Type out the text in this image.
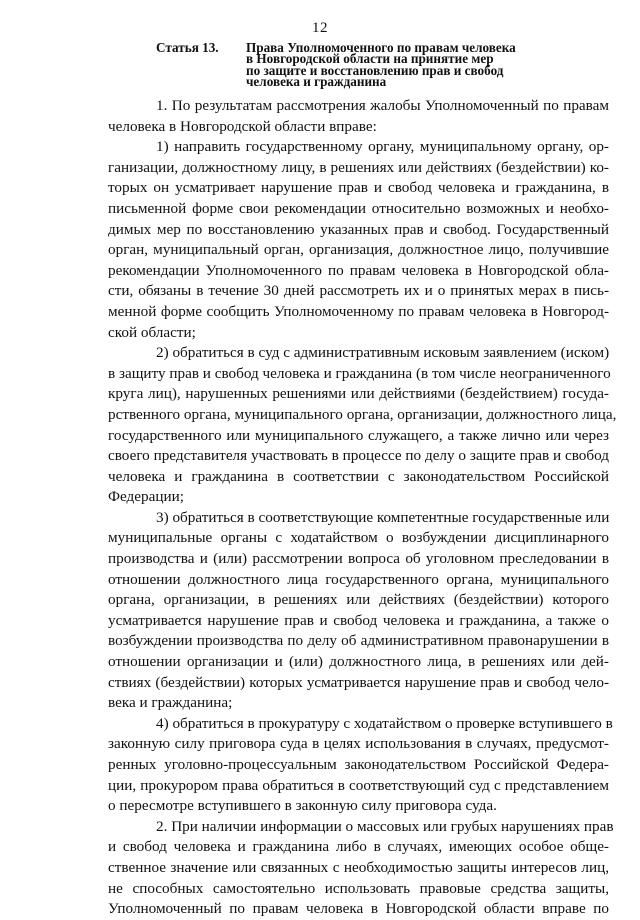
12
Статья 13.	Права Уполномоченного по правам человека
в Новгородской области на принятие мер
по защите и восстановлению прав и свобод
человека и гражданина
1. По результатам рассмотрения жалобы Уполномоченный по правам
человека в Новгородской области вправе:
1) направить государственному органу, муниципальному органу, ор-
ганизации, должностному лицу, в решениях или действиях (бездействии) ко-
торых он усматривает нарушение прав и свобод человека и гражданина, в
письменной форме свои рекомендации относительно возможных и необхо-
димых мер по восстановлению указанных прав и свобод. Государственный
орган, муниципальный орган, организация, должностное лицо, получившие
рекомендации Уполномоченного по правам человека в Новгородской обла-
сти, обязаны в течение 30 дней рассмотреть их и о принятых мерах в пись-
менной форме сообщить Уполномоченному по правам человека в Новгород-
ской области;
2) обратиться в суд с административным исковым заявлением (иском)
в защиту прав и свобод человека и гражданина (в том числе неограниченного
круга лиц), нарушенных решениями или действиями (бездействием) госуда-
рственного органа, муниципального органа, организации, должностного лица,
государственного или муниципального служащего, а также лично или через
своего представителя участвовать в процессе по делу о защите прав и свобод
человека и гражданина в соответствии с законодательством Российской
Федерации;
3) обратиться в соответствующие компетентные государственные или
муниципальные органы с ходатайством о возбуждении дисциплинарного
производства и (или) рассмотрении вопроса об уголовном преследовании в
отношении должностного лица государственного органа, муниципального
органа, организации, в решениях или действиях (бездействии) которого
усматривается нарушение прав и свобод человека и гражданина, а также о
возбуждении производства по делу об административном правонарушении в
отношении организации и (или) должностного лица, в решениях или дей-
ствиях (бездействии) которых усматривается нарушение прав и свобод чело-
века и гражданина;
4) обратиться в прокуратуру с ходатайством о проверке вступившего в
законную силу приговора суда в целях использования в случаях, предусмот-
ренных уголовно-процессуальным законодательством Российской Федера-
ции, прокурором права обратиться в соответствующий суд с представлением
о пересмотре вступившего в законную силу приговора суда.
2. При наличии информации о массовых или грубых нарушениях прав
и свобод человека и гражданина либо в случаях, имеющих особое обще-
ственное значение или связанных с необходимостью защиты интересов лиц,
не способных самостоятельно использовать правовые средства защиты,
Уполномоченный по правам человека в Новгородской области вправе по
